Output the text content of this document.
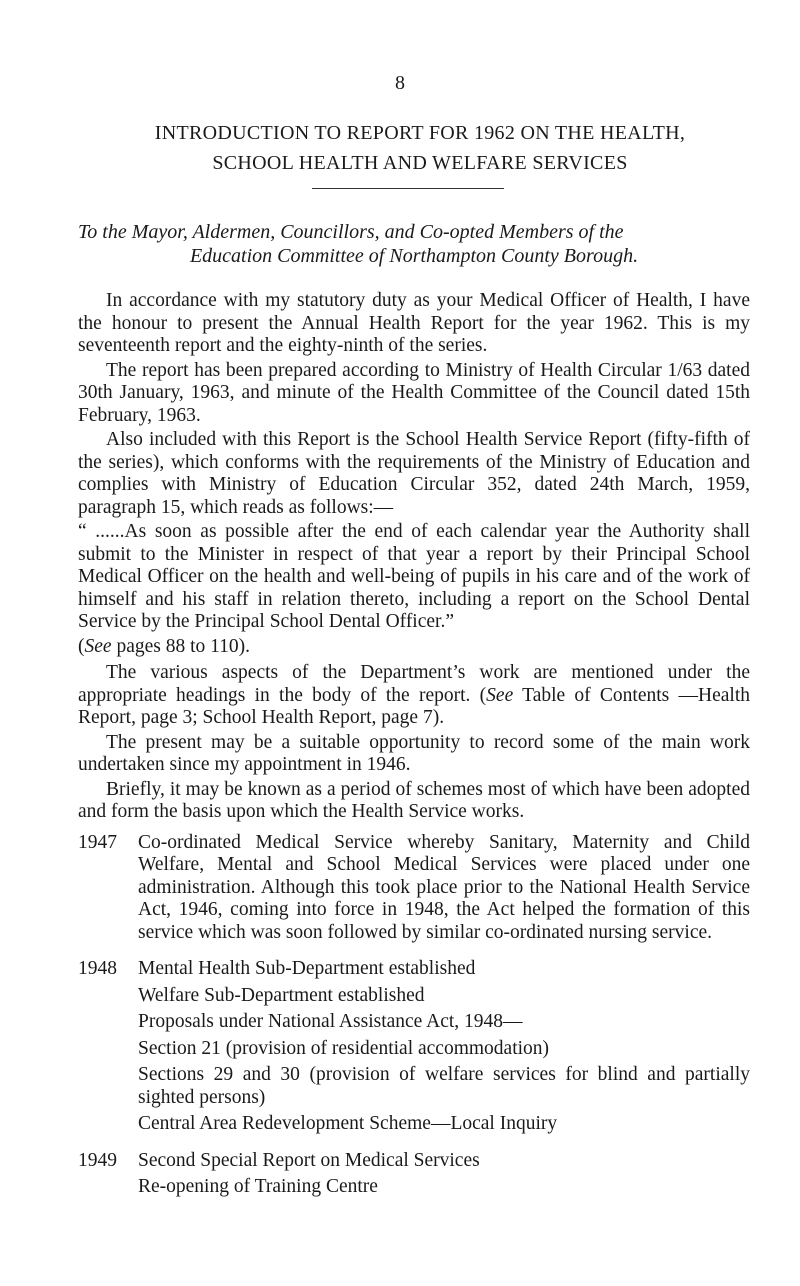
8
INTRODUCTION TO REPORT FOR 1962 ON THE HEALTH,
SCHOOL HEALTH AND WELFARE SERVICES
To the Mayor, Aldermen, Councillors, and Co-opted Members of the
Education Committee of Northampton County Borough.

In accordance with my statutory duty as your Medical Officer of Health, I have the honour to present the Annual Health Report for the year 1962. This is my seventeenth report and the eighty-ninth of the series.

The report has been prepared according to Ministry of Health Circular 1/63 dated 30th January, 1963, and minute of the Health Committee of the Council dated 15th February, 1963.

Also included with this Report is the School Health Service Report (fifty-fifth of the series), which conforms with the requirements of the Ministry of Education and complies with Ministry of Education Circular 352, dated 24th March, 1959, paragraph 15, which reads as follows:—

“ ......As soon as possible after the end of each calendar year the Authority shall submit to the Minister in respect of that year a report by their Principal School Medical Officer on the health and well-being of pupils in his care and of the work of himself and his staff in relation thereto, including a report on the School Dental Service by the Principal School Dental Officer.”

(See pages 88 to 110).

The various aspects of the Department’s work are mentioned under the appropriate headings in the body of the report. (See Table of Contents —Health Report, page 3; School Health Report, page 7).

The present may be a suitable opportunity to record some of the main work undertaken since my appointment in 1946.

Briefly, it may be known as a period of schemes most of which have been adopted and form the basis upon which the Health Service works.

1947	Co-ordinated Medical Service whereby Sanitary, Maternity and Child Welfare, Mental and School Medical Services were placed under one administration. Although this took place prior to the National Health Service Act, 1946, coming into force in 1948, the Act helped the formation of this service which was soon followed by similar co-ordinated nursing service.
1948	Mental Health Sub-Department established
Welfare Sub-Department established
Proposals under National Assistance Act, 1948—
Section 21 (provision of residential accommodation)
Sections 29 and 30 (provision of welfare services for blind and partially sighted persons)
Central Area Redevelopment Scheme—Local Inquiry
1949	Second Special Report on Medical Services
Re-opening of Training Centre
